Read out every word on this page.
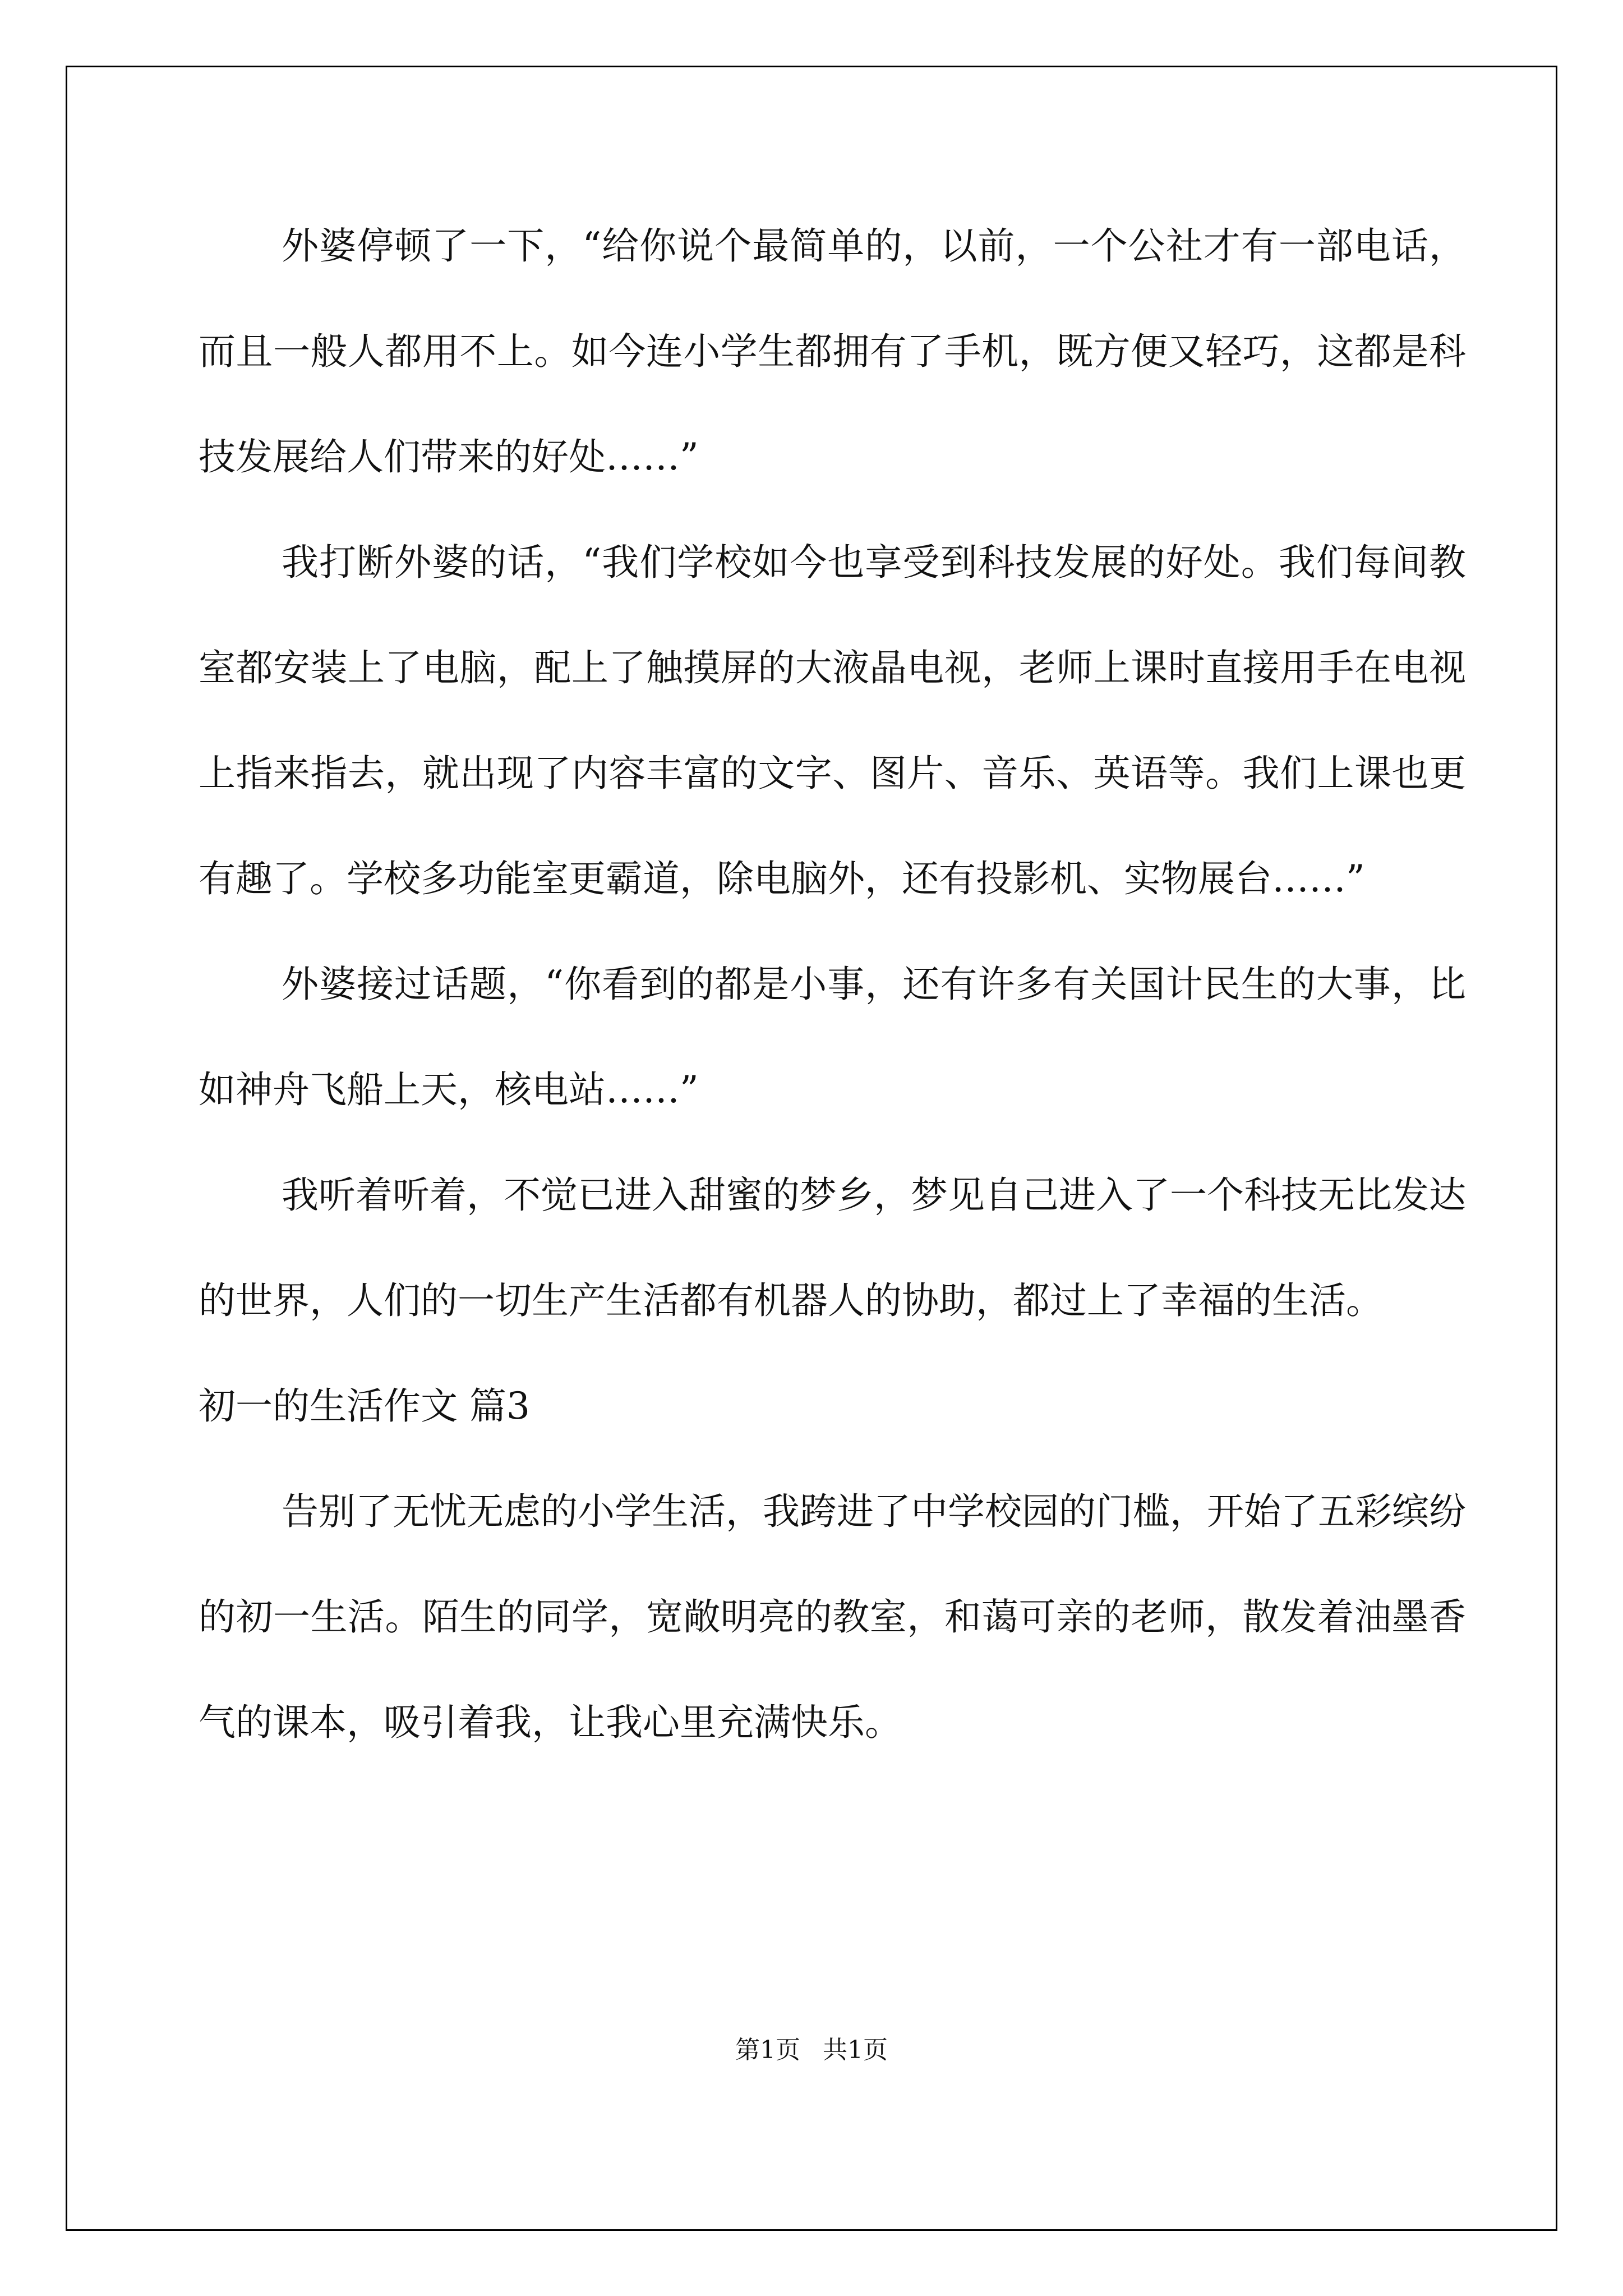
外婆停顿了一下，“给你说个最简单的，以前，一个公社才有一部电话，而且一般人都用不上。如今连小学生都拥有了手机，既方便又轻巧，这都是科技发展给人们带来的好处……”

我打断外婆的话，“我们学校如今也享受到科技发展的好处。我们每间教室都安装上了电脑，配上了触摸屏的大液晶电视，老师上课时直接用手在电视上指来指去，就出现了内容丰富的文字、图片、音乐、英语等。我们上课也更有趣了。学校多功能室更霸道，除电脑外，还有投影机、实物展台……”

外婆接过话题，“你看到的都是小事，还有许多有关国计民生的大事，比如神舟飞船上天，核电站……”

我听着听着，不觉已进入甜蜜的梦乡，梦见自己进入了一个科技无比发达的世界，人们的一切生产生活都有机器人的协助，都过上了幸福的生活。

初一的生活作文 篇3

告别了无忧无虑的小学生活，我跨进了中学校园的门槛，开始了五彩缤纷的初一生活。陌生的同学，宽敞明亮的教室，和蔼可亲的老师，散发着油墨香气的课本，吸引着我，让我心里充满快乐。

第1页 共1页
